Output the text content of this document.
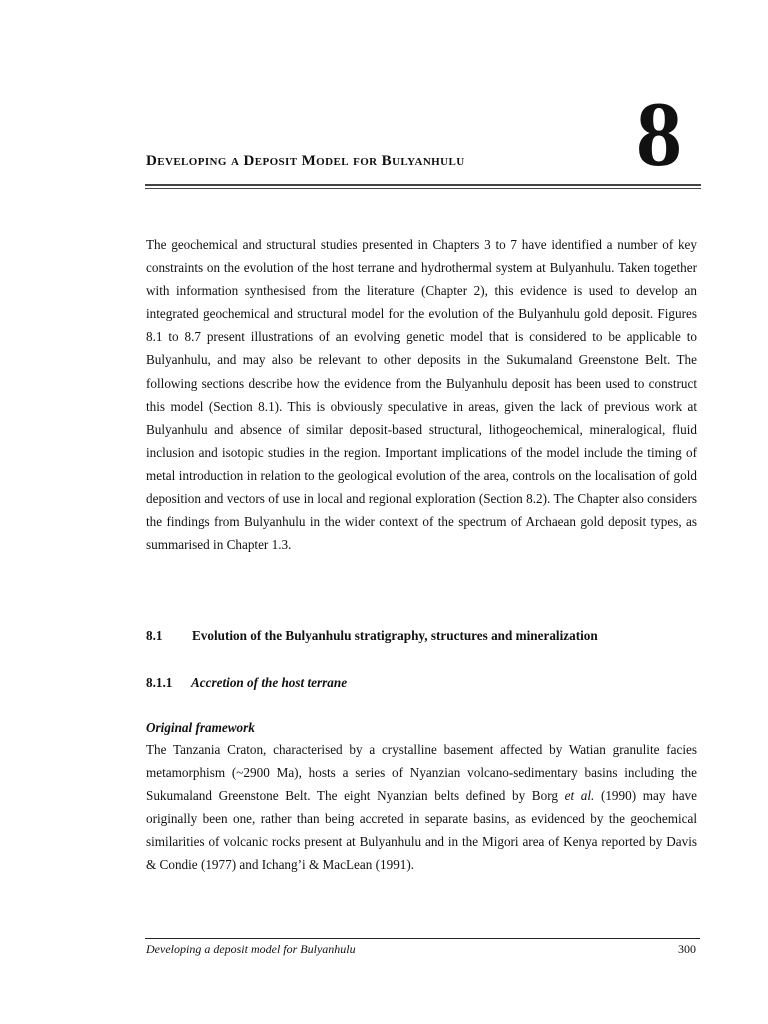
8
Developing a Deposit Model for Bulyanhulu

The geochemical and structural studies presented in Chapters 3 to 7 have identified a number of key constraints on the evolution of the host terrane and hydrothermal system at Bulyanhulu. Taken together with information synthesised from the literature (Chapter 2), this evidence is used to develop an integrated geochemical and structural model for the evolution of the Bulyanhulu gold deposit. Figures 8.1 to 8.7 present illustrations of an evolving genetic model that is considered to be applicable to Bulyanhulu, and may also be relevant to other deposits in the Sukumaland Greenstone Belt. The following sections describe how the evidence from the Bulyanhulu deposit has been used to construct this model (Section 8.1). This is obviously speculative in areas, given the lack of previous work at Bulyanhulu and absence of similar deposit-based structural, lithogeochemical, mineralogical, fluid inclusion and isotopic studies in the region. Important implications of the model include the timing of metal introduction in relation to the geological evolution of the area, controls on the localisation of gold deposition and vectors of use in local and regional exploration (Section 8.2). The Chapter also considers the findings from Bulyanhulu in the wider context of the spectrum of Archaean gold deposit types, as summarised in Chapter 1.3.

8.1 Evolution of the Bulyanhulu stratigraphy, structures and mineralization
8.1.1 Accretion of the host terrane
Original framework

The Tanzania Craton, characterised by a crystalline basement affected by Watian granulite facies metamorphism (~2900 Ma), hosts a series of Nyanzian volcano-sedimentary basins including the Sukumaland Greenstone Belt. The eight Nyanzian belts defined by Borg et al. (1990) may have originally been one, rather than being accreted in separate basins, as evidenced by the geochemical similarities of volcanic rocks present at Bulyanhulu and in the Migori area of Kenya reported by Davis & Condie (1977) and Ichang’i & MacLean (1991).

Developing a deposit model for Bulyanhulu	300
